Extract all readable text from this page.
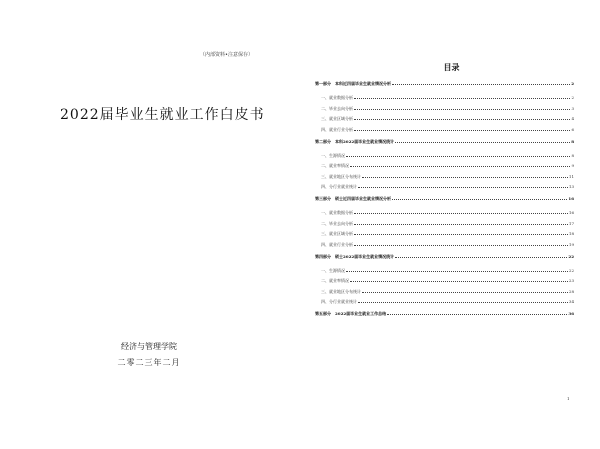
（内部资料•注意保存）
2022届毕业生就业工作白皮书
经济与管理学院
二零二三年二月
目录
第一部分　本科近四届毕业生就业情况分析	2
一、就业数据分析	2
二、毕业去向分析	3
三、就业区域分析	4
四、就业行业分析	6
第二部分　本科2022届毕业生就业情况统计	8
一、生源情况	8
二、就业率情况	9
三、就业地区分布统计	11
四、分行业就业统计	13
第三部分　硕士近四届毕业生就业情况分析	16
一、就业数据分析	16
二、毕业去向分析	17
三、就业区域分析	18
四、就业行业分析	19
第四部分　硕士2022届毕业生就业情况统计	22
一、生源情况	22
二、就业率情况	23
三、就业地区分布统计	28
四、分行业就业统计	34
第五部分　2022届毕业生就业工作总结	36
1
